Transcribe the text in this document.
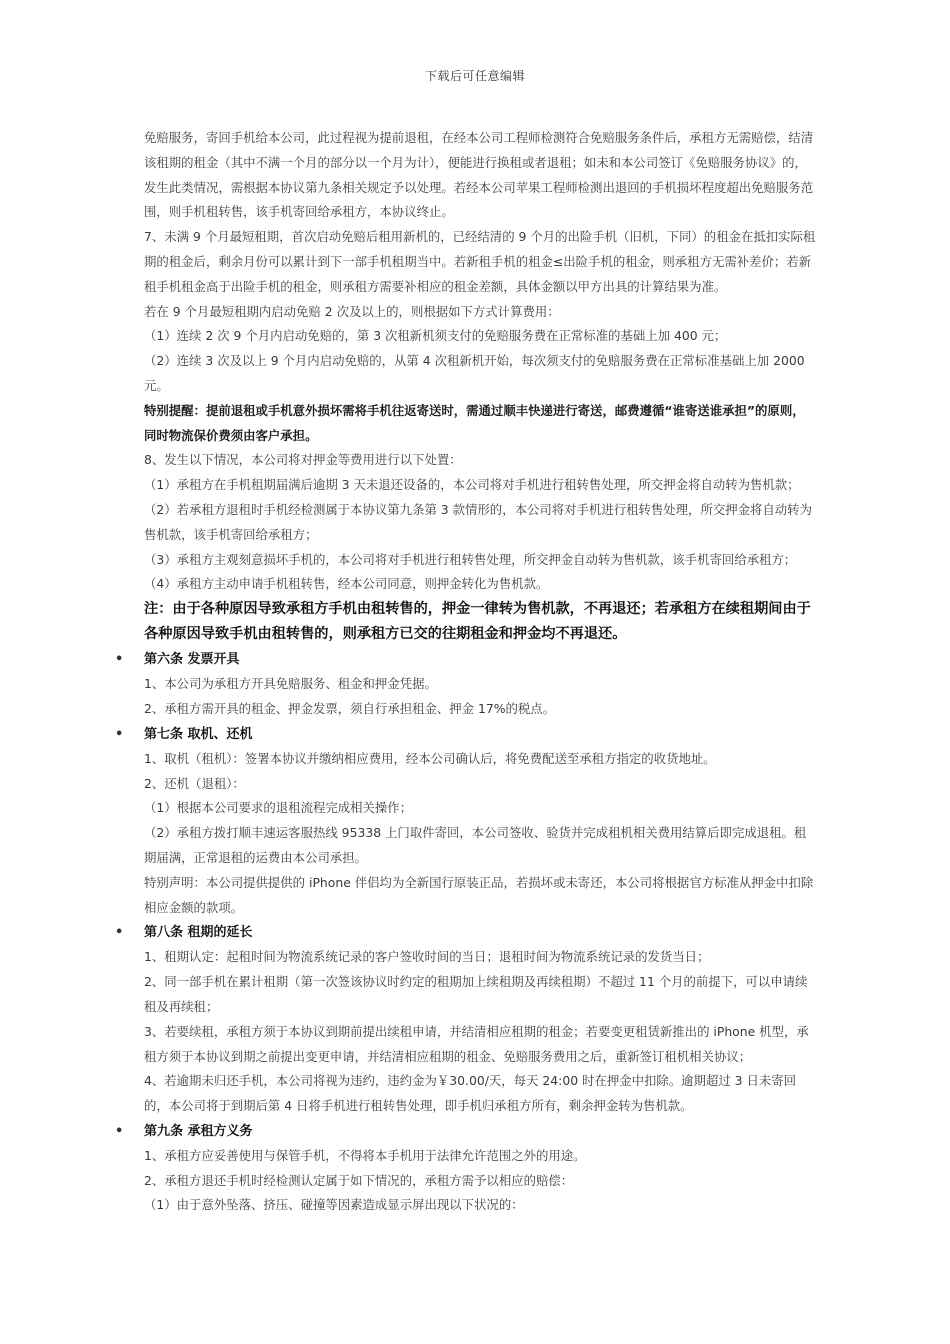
下载后可任意编辑

免赔服务，寄回手机给本公司，此过程视为提前退租，在经本公司工程师检测符合免赔服务条件后，承租方无需赔偿，结清该租期的租金（其中不满一个月的部分以一个月为计），便能进行换租或者退租；如未和本公司签订《免赔服务协议》的，发生此类情况，需根据本协议第九条相关规定予以处理。若经本公司苹果工程师检测出退回的手机损坏程度超出免赔服务范围，则手机租转售，该手机寄回给承租方，本协议终止。

7、未满 9 个月最短租期，首次启动免赔后租用新机的，已经结清的 9 个月的出险手机（旧机，下同）的租金在抵扣实际租期的租金后，剩余月份可以累计到下一部手机租期当中。若新租手机的租金≤出险手机的租金，则承租方无需补差价；若新租手机租金高于出险手机的租金，则承租方需要补相应的租金差额，具体金额以甲方出具的计算结果为准。

若在 9 个月最短租期内启动免赔 2 次及以上的，则根据如下方式计算费用：

（1）连续 2 次 9 个月内启动免赔的，第 3 次租新机须支付的免赔服务费在正常标准的基础上加 400 元；

（2）连续 3 次及以上 9 个月内启动免赔的，从第 4 次租新机开始，每次须支付的免赔服务费在正常标准基础上加 2000 元。

特别提醒：提前退租或手机意外损坏需将手机往返寄送时，需通过顺丰快递进行寄送，邮费遵循“谁寄送谁承担”的原则，同时物流保价费须由客户承担。

8、发生以下情况，本公司将对押金等费用进行以下处置：

（1）承租方在手机租期届满后逾期 3 天未退还设备的，本公司将对手机进行租转售处理，所交押金将自动转为售机款；

（2）若承租方退租时手机经检测属于本协议第九条第 3 款情形的，本公司将对手机进行租转售处理，所交押金将自动转为售机款，该手机寄回给承租方；

（3）承租方主观刻意损坏手机的，本公司将对手机进行租转售处理，所交押金自动转为售机款，该手机寄回给承租方；

（4）承租方主动申请手机租转售，经本公司同意，则押金转化为售机款。

注：由于各种原因导致承租方手机由租转售的，押金一律转为售机款，不再退还；若承租方在续租期间由于各种原因导致手机由租转售的，则承租方已交的往期租金和押金均不再退还。

• 第六条 发票开具

1、本公司为承租方开具免赔服务、租金和押金凭据。

2、承租方需开具的租金、押金发票，须自行承担租金、押金 17%的税点。

• 第七条 取机、还机

1、取机（租机）：签署本协议并缴纳相应费用，经本公司确认后，将免费配送至承租方指定的收货地址。

2、还机（退租）：

（1）根据本公司要求的退租流程完成相关操作；

（2）承租方拨打顺丰速运客服热线 95338 上门取件寄回，本公司签收、验货并完成租机相关费用结算后即完成退租。租期届满，正常退租的运费由本公司承担。

特别声明：本公司提供提供的 iPhone 伴侣均为全新国行原装正品，若损坏或未寄还，本公司将根据官方标准从押金中扣除相应金额的款项。

• 第八条 租期的延长

1、租期认定：起租时间为物流系统记录的客户签收时间的当日；退租时间为物流系统记录的发货当日；

2、同一部手机在累计租期（第一次签该协议时约定的租期加上续租期及再续租期）不超过 11 个月的前提下，可以申请续租及再续租；

3、若要续租，承租方须于本协议到期前提出续租申请，并结清相应租期的租金；若要变更租赁新推出的 iPhone 机型，承租方须于本协议到期之前提出变更申请，并结清相应租期的租金、免赔服务费用之后，重新签订租机相关协议；

4、若逾期未归还手机，本公司将视为违约，违约金为￥30.00/天，每天 24:00 时在押金中扣除。逾期超过 3 日未寄回的，本公司将于到期后第 4 日将手机进行租转售处理，即手机归承租方所有，剩余押金转为售机款。

• 第九条 承租方义务

1、承租方应妥善使用与保管手机，不得将本手机用于法律允许范围之外的用途。

2、承租方退还手机时经检测认定属于如下情况的，承租方需予以相应的赔偿：

（1）由于意外坠落、挤压、碰撞等因素造成显示屏出现以下状况的：
